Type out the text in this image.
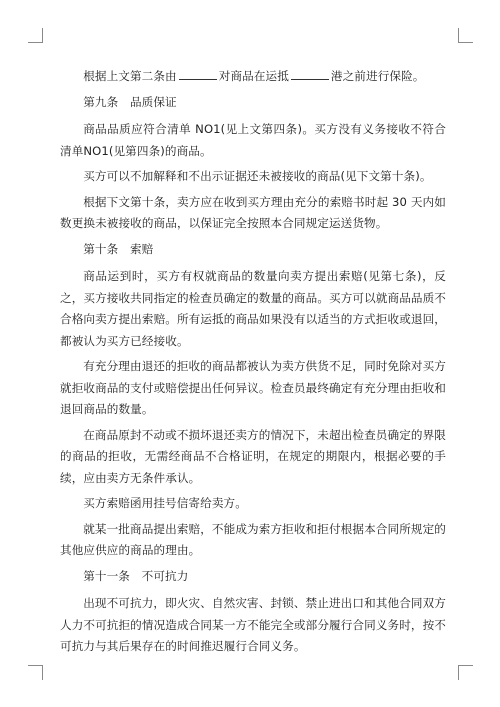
根据上文第二条由	对商品在运抵	港之前进行保险。

第九条　品质保证

商品品质应符合清单 NO1(见上文第四条)。买方没有义务接收不符合清单NO1(见第四条)的商品。

买方可以不加解释和不出示证据还未被接收的商品(见下文第十条)。

根据下文第十条，卖方应在收到买方理由充分的索赔书时起 30 天内如数更换未被接收的商品，以保证完全按照本合同规定运送货物。

第十条　索赔

商品运到时，买方有权就商品的数量向卖方提出索赔(见第七条)，反之，买方接收共同指定的检查员确定的数量的商品。买方可以就商品品质不合格向卖方提出索赔。所有运抵的商品如果没有以适当的方式拒收或退回，都被认为买方已经接收。

有充分理由退还的拒收的商品都被认为卖方供货不足，同时免除对买方就拒收商品的支付或赔偿提出任何异议。检查员最终确定有充分理由拒收和退回商品的数量。

在商品原封不动或不损坏退还卖方的情况下，未超出检查员确定的界限的商品的拒收，无需经商品不合格证明，在规定的期限内，根据必要的手续，应由卖方无条件承认。

买方索赔函用挂号信寄给卖方。

就某一批商品提出索赔，不能成为索方拒收和拒付根据本合同所规定的其他应供应的商品的理由。

第十一条　不可抗力

出现不可抗力，即火灾、自然灾害、封锁、禁止进出口和其他合同双方人力不可抗拒的情况造成合同某一方不能完全或部分履行合同义务时，按不可抗力与其后果存在的时间推迟履行合同义务。
